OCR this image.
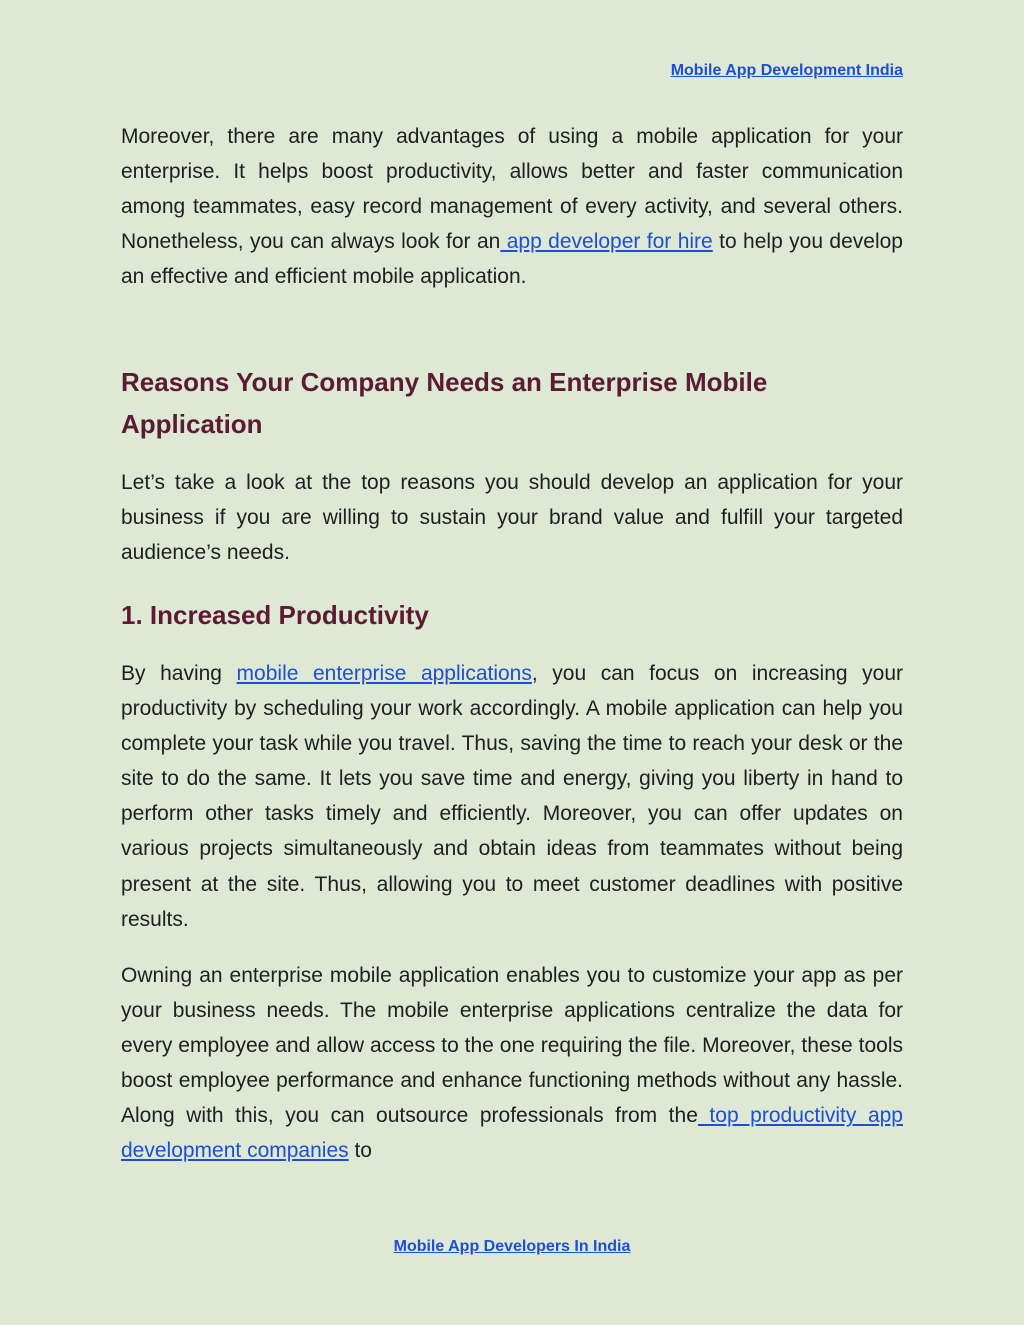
Mobile App Development India

Moreover, there are many advantages of using a mobile application for your enterprise. It helps boost productivity, allows better and faster communication among teammates, easy record management of every activity, and several others. Nonetheless, you can always look for an app developer for hire to help you develop an effective and efficient mobile application.

Reasons Your Company Needs an Enterprise Mobile Application

Let’s take a look at the top reasons you should develop an application for your business if you are willing to sustain your brand value and fulfill your targeted audience’s needs.

1. Increased Productivity

By having mobile enterprise applications, you can focus on increasing your productivity by scheduling your work accordingly. A mobile application can help you complete your task while you travel. Thus, saving the time to reach your desk or the site to do the same. It lets you save time and energy, giving you liberty in hand to perform other tasks timely and efficiently. Moreover, you can offer updates on various projects simultaneously and obtain ideas from teammates without being present at the site. Thus, allowing you to meet customer deadlines with positive results.

Owning an enterprise mobile application enables you to customize your app as per your business needs. The mobile enterprise applications centralize the data for every employee and allow access to the one requiring the file. Moreover, these tools boost employee performance and enhance functioning methods without any hassle. Along with this, you can outsource professionals from the top productivity app development companies to

Mobile App Developers In India
